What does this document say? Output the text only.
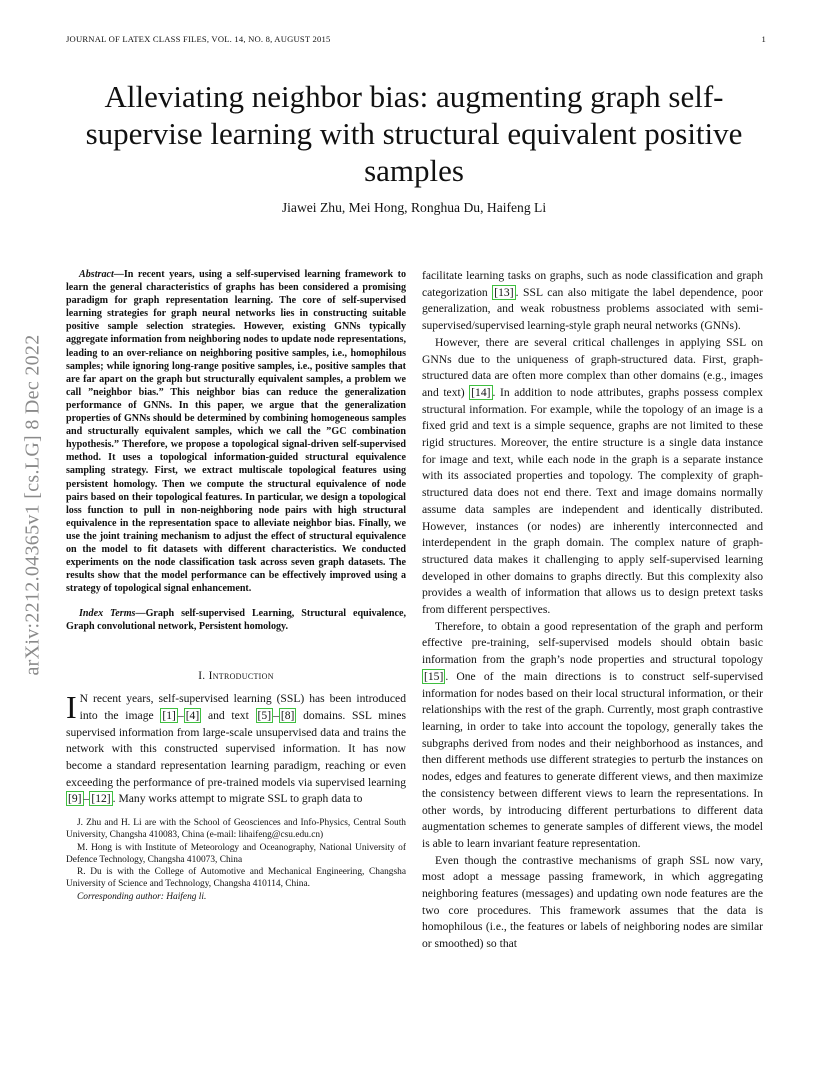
JOURNAL OF LATEX CLASS FILES, VOL. 14, NO. 8, AUGUST 2015	1
arXiv:2212.04365v1 [cs.LG] 8 Dec 2022
Alleviating neighbor bias: augmenting graph self-supervise learning with structural equivalent positive samples
Jiawei Zhu, Mei Hong, Ronghua Du, Haifeng Li

Abstract—In recent years, using a self-supervised learning framework to learn the general characteristics of graphs has been considered a promising paradigm for graph representation learning. The core of self-supervised learning strategies for graph neural networks lies in constructing suitable positive sample selection strategies. However, existing GNNs typically aggregate information from neighboring nodes to update node representations, leading to an over-reliance on neighboring positive samples, i.e., homophilous samples; while ignoring long-range positive samples, i.e., positive samples that are far apart on the graph but structurally equivalent samples, a problem we call ”neighbor bias.” This neighbor bias can reduce the generalization performance of GNNs. In this paper, we argue that the generalization properties of GNNs should be determined by combining homogeneous samples and structurally equivalent samples, which we call the ”GC combination hypothesis.” Therefore, we propose a topological signal-driven self-supervised method. It uses a topological information-guided structural equivalence sampling strategy. First, we extract multiscale topological features using persistent homology. Then we compute the structural equivalence of node pairs based on their topological features. In particular, we design a topological loss function to pull in non-neighboring node pairs with high structural equivalence in the representation space to alleviate neighbor bias. Finally, we use the joint training mechanism to adjust the effect of structural equivalence on the model to fit datasets with different characteristics. We conducted experiments on the node classification task across seven graph datasets. The results show that the model performance can be effectively improved using a strategy of topological signal enhancement.

Index Terms—Graph self-supervised Learning, Structural equivalence, Graph convolutional network, Persistent homology.

I. Introduction

I N recent years, self-supervised learning (SSL) has been introduced into the image [1] – [4] and text [5] – [8] domains. SSL mines supervised information from large-scale unsupervised data and trains the network with this constructed supervised information. It has now become a standard representation learning paradigm, reaching or even exceeding the performance of pre-trained models via supervised learning [9] – [12] . Many works attempt to migrate SSL to graph data to

J. Zhu and H. Li are with the School of Geosciences and Info-Physics, Central South University, Changsha 410083, China (e-mail: lihaifeng@csu.edu.cn)

M. Hong is with Institute of Meteorology and Oceanography, National University of Defence Technology, Changsha 410073, China

R. Du is with the College of Automotive and Mechanical Engineering, Changsha University of Science and Technology, Changsha 410114, China.

Corresponding author: Haifeng li.

facilitate learning tasks on graphs, such as node classification and graph categorization [13] . SSL can also mitigate the label dependence, poor generalization, and weak robustness problems associated with semi-supervised/supervised learning-style graph neural networks (GNNs).

However, there are several critical challenges in applying SSL on GNNs due to the uniqueness of graph-structured data. First, graph-structured data are often more complex than other domains (e.g., images and text) [14] . In addition to node attributes, graphs possess complex structural information. For example, while the topology of an image is a fixed grid and text is a simple sequence, graphs are not limited to these rigid structures. Moreover, the entire structure is a single data instance for image and text, while each node in the graph is a separate instance with its associated properties and topology. The complexity of graph-structured data does not end there. Text and image domains normally assume data samples are independent and identically distributed. However, instances (or nodes) are inherently interconnected and interdependent in the graph domain. The complex nature of graph-structured data makes it challenging to apply self-supervised learning developed in other domains to graphs directly. But this complexity also provides a wealth of information that allows us to design pretext tasks from different perspectives.

Therefore, to obtain a good representation of the graph and perform effective pre-training, self-supervised models should obtain basic information from the graph’s node properties and structural topology [15] . One of the main directions is to construct self-supervised information for nodes based on their local structural information, or their relationships with the rest of the graph. Currently, most graph contrastive learning, in order to take into account the topology, generally takes the subgraphs derived from nodes and their neighborhood as instances, and then different methods use different strategies to perturb the instances on nodes, edges and features to generate different views, and then maximize the consistency between different views to learn the representations. In other words, by introducing different perturbations to different data augmentation schemes to generate samples of different views, the model is able to learn invariant feature representation.

Even though the contrastive mechanisms of graph SSL now vary, most adopt a message passing framework, in which aggregating neighboring features (messages) and updating own node features are the two core procedures. This framework assumes that the data is homophilous (i.e., the features or labels of neighboring nodes are similar or smoothed) so that
